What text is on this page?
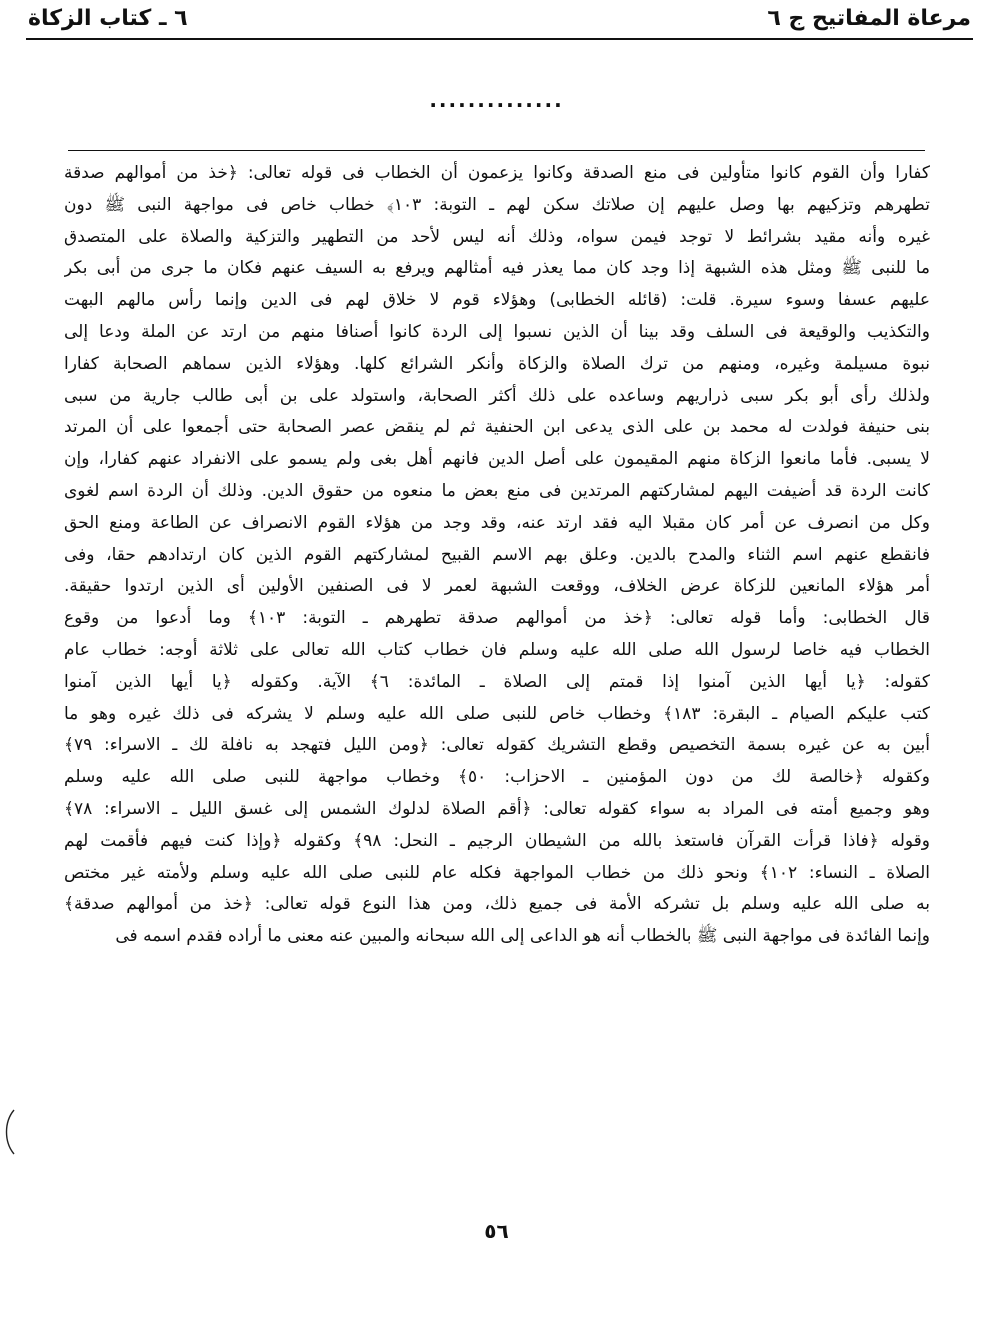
مرعاة المفاتيح ج ٦
٦ ـ كتاب الزكاة
..............
كفارا وأن القوم كانوا متأولين فى منع الصدقة وكانوا يزعمون أن الخطاب فى قوله تعالى: ﴿خذ من أموالهم صدقة
تطهرهم وتزكيهم بها وصل عليهم إن صلاتك سكن لهم ـ التوبة: ١٠٣﴾ خطاب خاص فى مواجهة النبى ﷺ دون
غيره وأنه مقيد بشرائط لا توجد فيمن سواه، وذلك أنه ليس لأحد من التطهير والتزكية والصلاة على المتصدق
ما للنبى ﷺ ومثل هذه الشبهة إذا وجد كان مما يعذر فيه أمثالهم ويرفع به السيف عنهم فكان ما جرى من أبى بكر
عليهم عسفا وسوء سيرة. قلت: (قائله الخطابى) وهؤلاء قوم لا خلاق لهم فى الدين وإنما رأس مالهم البهت
والتكذيب والوقيعة فى السلف وقد بينا أن الذين نسبوا إلى الردة كانوا أصنافا منهم من ارتد عن الملة ودعا إلى
نبوة مسيلمة وغيره، ومنهم من ترك الصلاة والزكاة وأنكر الشرائع كلها. وهؤلاء الذين سماهم الصحابة كفارا
ولذلك رأى أبو بكر سبى ذراريهم وساعده على ذلك أكثر الصحابة، واستولد على بن أبى طالب جارية من سبى
بنى حنيفة فولدت له محمد بن على الذى يدعى ابن الحنفية ثم لم ينقض عصر الصحابة حتى أجمعوا على أن المرتد
لا يسبى. فأما مانعوا الزكاة منهم المقيمون على أصل الدين فانهم أهل بغى ولم يسمو على الانفراد عنهم كفارا، وإن
كانت الردة قد أضيفت اليهم لمشاركتهم المرتدين فى منع بعض ما منعوه من حقوق الدين. وذلك أن الردة اسم لغوى
وكل من انصرف عن أمر كان مقبلا اليه فقد ارتد عنه، وقد وجد من هؤلاء القوم الانصراف عن الطاعة ومنع الحق
فانقطع عنهم اسم الثناء والمدح بالدين. وعلق بهم الاسم القبيح لمشاركتهم القوم الذين كان ارتدادهم حقا، وفى
أمر هؤلاء المانعين للزكاة عرض الخلاف، ووقعت الشبهة لعمر لا فى الصنفين الأولين أى الذين ارتدوا حقيقة.
قال الخطابى: وأما قوله تعالى: ﴿خذ من أموالهم صدقة تطهرهم ـ التوبة: ١٠٣﴾ وما أدعوا من وقوع
الخطاب فيه خاصا لرسول الله صلى الله عليه وسلم فان خطاب كتاب الله تعالى على ثلاثة أوجه: خطاب عام
كقوله: ﴿يا أيها الذين آمنوا إذا قمتم إلى الصلاة ـ المائدة: ٦﴾ الآية. وكقوله ﴿يا أيها الذين آمنوا
كتب عليكم الصيام ـ البقرة: ١٨٣﴾ وخطاب خاص للنبى صلى الله عليه وسلم لا يشركه فى ذلك غيره وهو ما
أبين به عن غيره بسمة التخصيص وقطع التشريك كقوله تعالى: ﴿ومن الليل فتهجد به نافلة لك ـ الاسراء: ٧٩﴾
وكقوله ﴿خالصة لك من دون المؤمنين ـ الاحزاب: ٥٠﴾ وخطاب مواجهة للنبى صلى الله عليه وسلم
وهو وجميع أمته فى المراد به سواء كقوله تعالى: ﴿أقم الصلاة لدلوك الشمس إلى غسق الليل ـ الاسراء: ٧٨﴾
وقوله ﴿فاذا قرأت القرآن فاستعذ بالله من الشيطان الرجيم ـ النحل: ٩٨﴾ وكقوله ﴿وإذا كنت فيهم فأقمت لهم
الصلاة ـ النساء: ١٠٢﴾ ونحو ذلك من خطاب المواجهة فكله عام للنبى صلى الله عليه وسلم ولأمته غير مختص
به صلى الله عليه وسلم بل تشركه الأمة فى جميع ذلك، ومن هذا النوع قوله تعالى: ﴿خذ من أموالهم صدقة﴾
وإنما الفائدة فى مواجهة النبى ﷺ بالخطاب أنه هو الداعى إلى الله سبحانه والمبين عنه معنى ما أراده فقدم اسمه فى
٥٦
